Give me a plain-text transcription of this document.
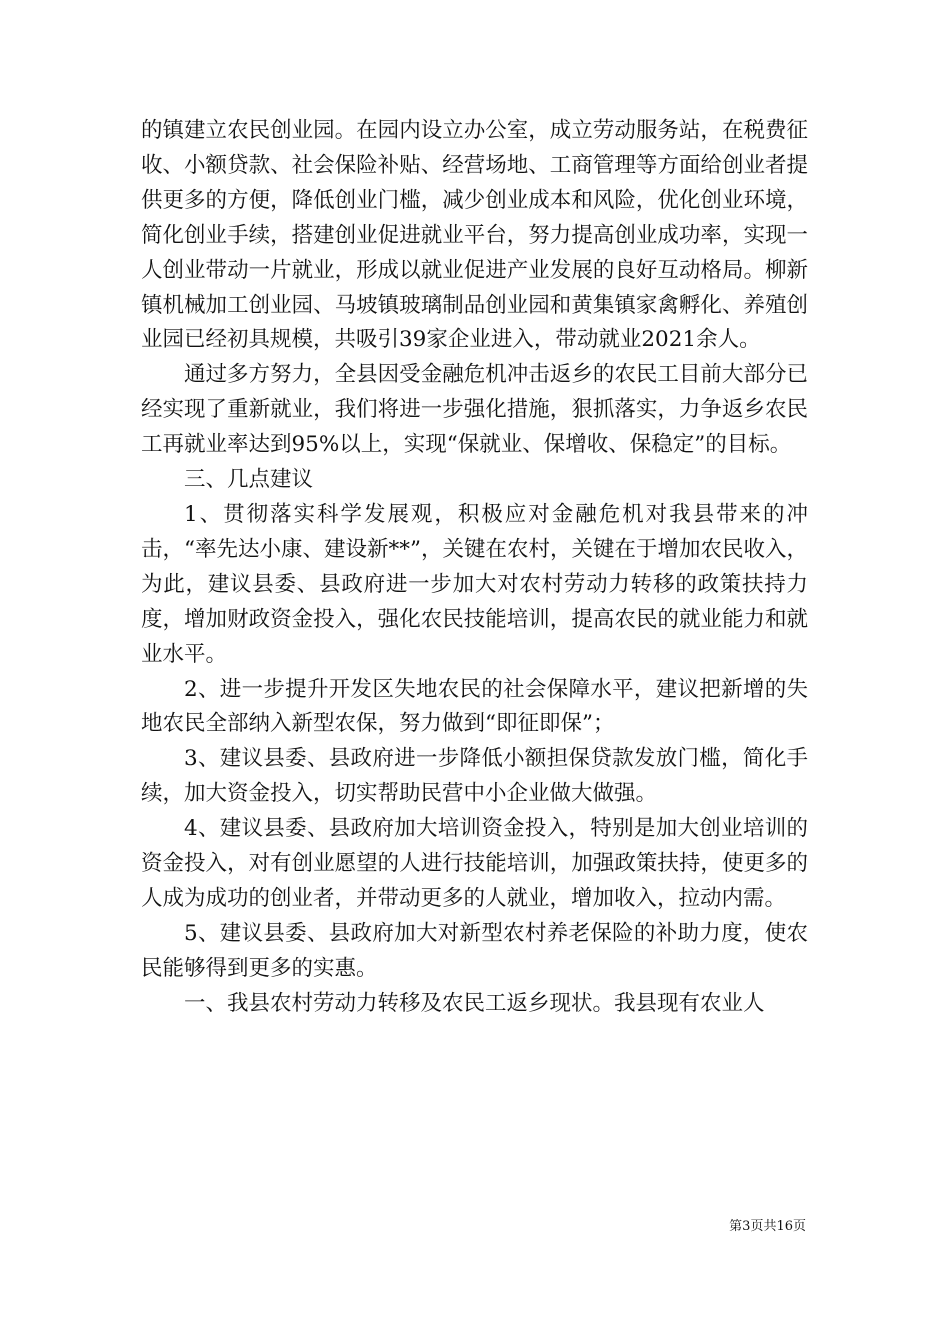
的镇建立农民创业园。在园内设立办公室，成立劳动服务站，在税费征收、小额贷款、社会保险补贴、经营场地、工商管理等方面给创业者提供更多的方便，降低创业门槛，减少创业成本和风险，优化创业环境，简化创业手续，搭建创业促进就业平台，努力提高创业成功率，实现一人创业带动一片就业，形成以就业促进产业发展的良好互动格局。柳新镇机械加工创业园、马坡镇玻璃制品创业园和黄集镇家禽孵化、养殖创业园已经初具规模，共吸引39家企业进入，带动就业2021余人。

通过多方努力，全县因受金融危机冲击返乡的农民工目前大部分已经实现了重新就业，我们将进一步强化措施，狠抓落实，力争返乡农民工再就业率达到95%以上，实现“保就业、保增收、保稳定”的目标。

三、几点建议

1、贯彻落实科学发展观，积极应对金融危机对我县带来的冲击，“率先达小康、建设新**”，关键在农村，关键在于增加农民收入，为此，建议县委、县政府进一步加大对农村劳动力转移的政策扶持力度，增加财政资金投入，强化农民技能培训，提高农民的就业能力和就业水平。

2、进一步提升开发区失地农民的社会保障水平，建议把新增的失地农民全部纳入新型农保，努力做到“即征即保”；

3、建议县委、县政府进一步降低小额担保贷款发放门槛，简化手续，加大资金投入，切实帮助民营中小企业做大做强。

4、建议县委、县政府加大培训资金投入，特别是加大创业培训的资金投入，对有创业愿望的人进行技能培训，加强政策扶持，使更多的人成为成功的创业者，并带动更多的人就业，增加收入，拉动内需。

5、建议县委、县政府加大对新型农村养老保险的补助力度，使农民能够得到更多的实惠。

一、我县农村劳动力转移及农民工返乡现状。我县现有农业人

第3页共16页
